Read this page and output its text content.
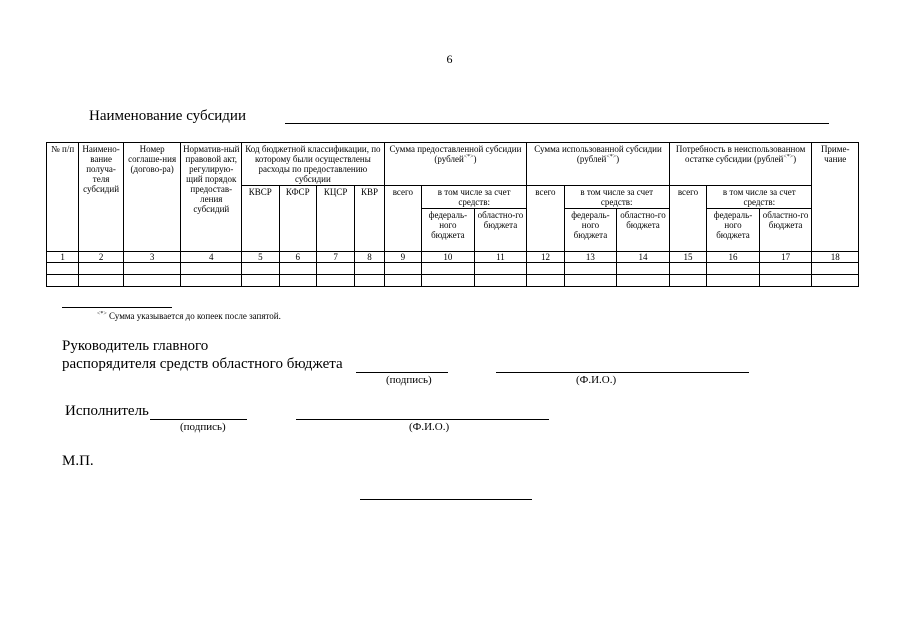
6
Наименование субсидии
№ п/п	Наимено-вание получа-теля субсидий	Номер соглаше-ния (догово-ра)	Норматив-ный правовой акт, регулирую-щий порядок предостав-ления субсидий	Код бюджетной классификации, по которому были осуществлены расходы по предоставлению субсидии				Сумма предоставленной субсидии (рублей<*>)			Сумма использованной субсидии (рублей<*>)			Потребность в неиспользованном остатке субсидии (рублей<*>)			Приме-чание
				КВСР	КФСР	КЦСР	КВР	всего	в том числе за счет средств:		всего	в том числе за счет средств:		всего	в том числе за счет средств:		
									федераль-ного бюджета	областно-го бюджета		федераль-ного бюджета	областно-го бюджета		федераль-ного бюджета	областно-го бюджета	
1	2	3	4	5	6	7	8	9	10	11	12	13	14	15	16	17	18

<*> Сумма указывается до копеек после запятой.
Руководитель главного
распорядителя средств областного бюджета
(подпись)	(Ф.И.О.)
Исполнитель
(подпись)	(Ф.И.О.)
М.П.
